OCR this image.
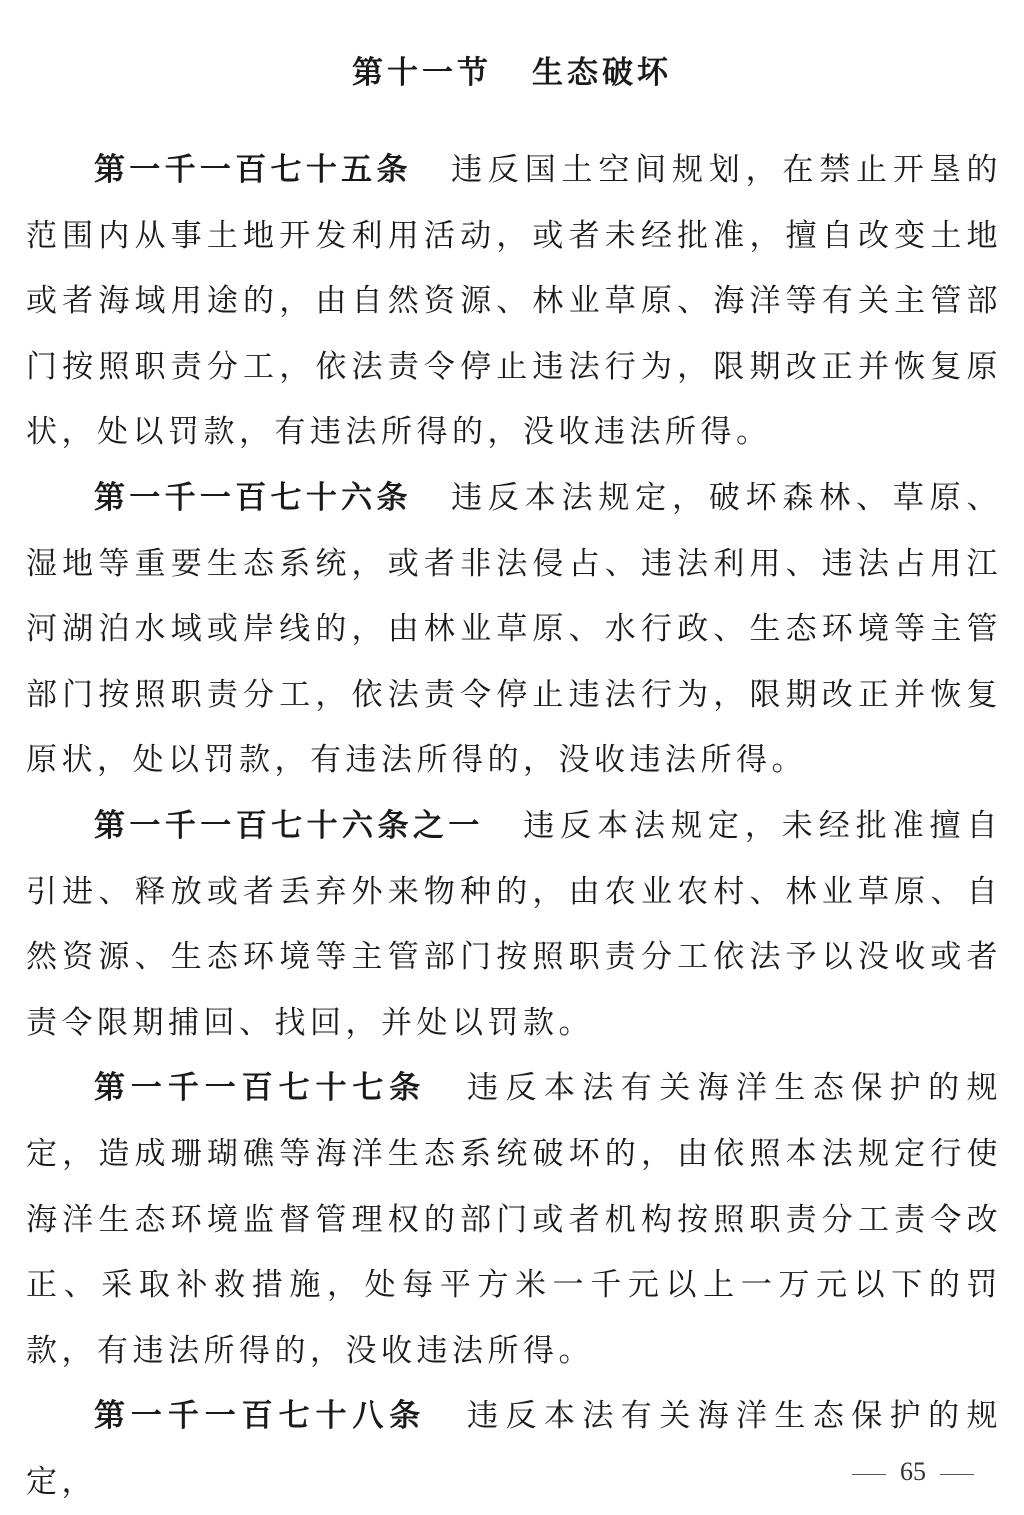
第十一节 生态破坏

第一千一百七十五条 违反国土空间规划，在禁止开垦的范围内从事土地开发利用活动，或者未经批准，擅自改变土地或者海域用途的，由自然资源、林业草原、海洋等有关主管部门按照职责分工，依法责令停止违法行为，限期改正并恢复原状，处以罚款，有违法所得的，没收违法所得。

第一千一百七十六条 违反本法规定，破坏森林、草原、湿地等重要生态系统，或者非法侵占、违法利用、违法占用江河湖泊水域或岸线的，由林业草原、水行政、生态环境等主管部门按照职责分工，依法责令停止违法行为，限期改正并恢复原状，处以罚款，有违法所得的，没收违法所得。

第一千一百七十六条之一 违反本法规定，未经批准擅自引进、释放或者丢弃外来物种的，由农业农村、林业草原、自然资源、生态环境等主管部门按照职责分工依法予以没收或者责令限期捕回、找回，并处以罚款。

第一千一百七十七条 违反本法有关海洋生态保护的规定，造成珊瑚礁等海洋生态系统破坏的，由依照本法规定行使海洋生态环境监督管理权的部门或者机构按照职责分工责令改正、采取补救措施，处每平方米一千元以上一万元以下的罚款，有违法所得的，没收违法所得。

第一千一百七十八条 违反本法有关海洋生态保护的规定，	65
